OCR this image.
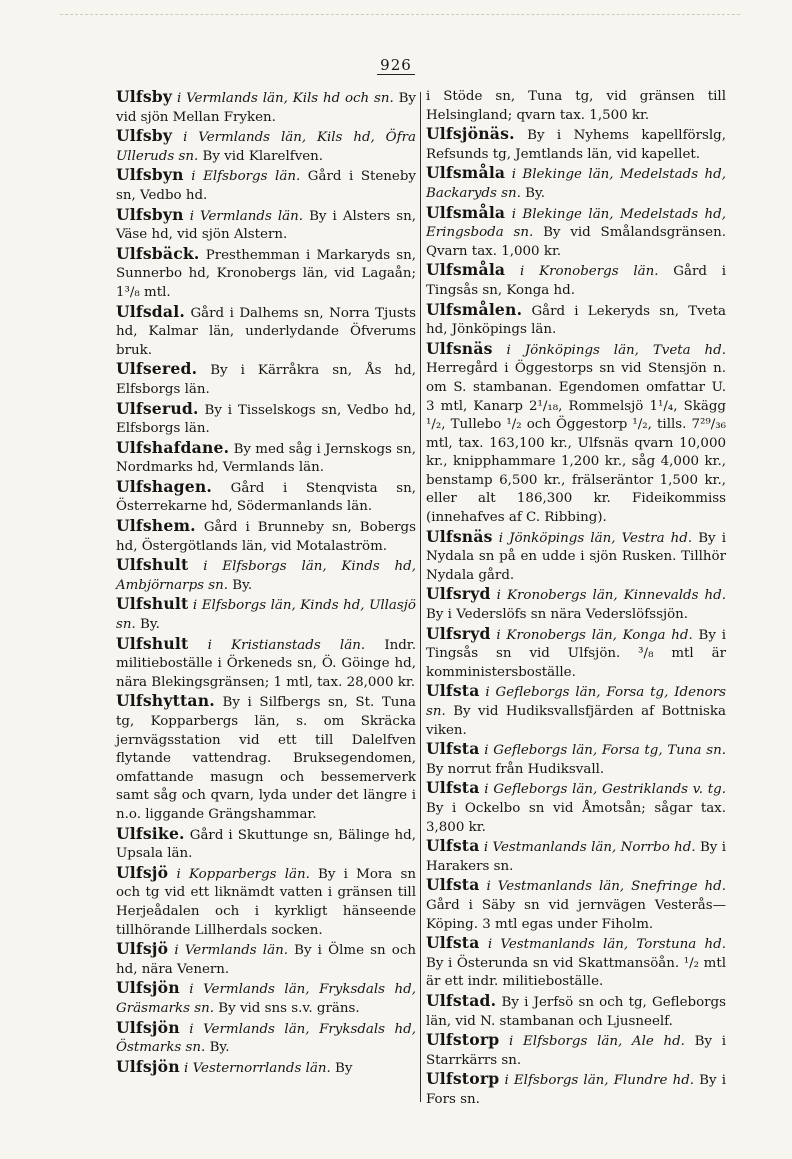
926

Ulfsby i Vermlands län, Kils hd och sn. By vid sjön Mellan Fryken.

Ulfsby i Vermlands län, Kils hd, Öfra Ulleruds sn. By vid Klarelfven.

Ulfsbyn i Elfsborgs län. Gård i Steneby sn, Vedbo hd.

Ulfsbyn i Vermlands län. By i Alsters sn, Väse hd, vid sjön Alstern.

Ulfsbäck. Presthemman i Markaryds sn, Sunnerbo hd, Kronobergs län, vid Lagaån; 1³/₈ mtl.

Ulfsdal. Gård i Dalhems sn, Norra Tjusts hd, Kalmar län, underlydande Öfverums bruk.

Ulfsered. By i Kärråkra sn, Ås hd, Elfsborgs län.

Ulfserud. By i Tisselskogs sn, Vedbo hd, Elfsborgs län.

Ulfshafdane. By med såg i Jernskogs sn, Nordmarks hd, Vermlands län.

Ulfshagen. Gård i Stenqvista sn, Österrekarne hd, Södermanlands län.

Ulfshem. Gård i Brunneby sn, Bobergs hd, Östergötlands län, vid Motalaström.

Ulfshult i Elfsborgs län, Kinds hd, Ambjörnarps sn. By.

Ulfshult i Elfsborgs län, Kinds hd, Ullasjö sn. By.

Ulfshult i Kristianstads län. Indr. militieboställe i Örkeneds sn, Ö. Göinge hd, nära Blekingsgränsen; 1 mtl, tax. 28,000 kr.

Ulfshyttan. By i Silfbergs sn, St. Tuna tg, Kopparbergs län, s. om Skräcka jernvägsstation vid ett till Dalelfven flytande vattendrag. Bruksegendomen, omfattande masugn och bessemerverk samt såg och qvarn, lyda under det längre i n.o. liggande Grängshammar.

Ulfsike. Gård i Skuttunge sn, Bälinge hd, Upsala län.

Ulfsjö i Kopparbergs län. By i Mora sn och tg vid ett liknämdt vatten i gränsen till Herjeådalen och i kyrkligt hänseende tillhörande Lillherdals socken.

Ulfsjö i Vermlands län. By i Ölme sn och hd, nära Venern.

Ulfsjön i Vermlands län, Fryksdals hd, Gräsmarks sn. By vid sns s.v. gräns.

Ulfsjön i Vermlands län, Fryksdals hd, Östmarks sn. By.

Ulfsjön i Vesternorrlands län. By

i Stöde sn, Tuna tg, vid gränsen till Helsingland; qvarn tax. 1,500 kr.

Ulfsjönäs. By i Nyhems kapellförslg, Refsunds tg, Jemtlands län, vid kapellet.

Ulfsmåla i Blekinge län, Medelstads hd, Backaryds sn. By.

Ulfsmåla i Blekinge län, Medelstads hd, Eringsboda sn. By vid Smålandsgränsen. Qvarn tax. 1,000 kr.

Ulfsmåla i Kronobergs län. Gård i Tingsås sn, Konga hd.

Ulfsmålen. Gård i Lekeryds sn, Tveta hd, Jönköpings län.

Ulfsnäs i Jönköpings län, Tveta hd. Herregård i Öggestorps sn vid Stensjön n. om S. stambanan. Egendomen omfattar U. 3 mtl, Kanarp 2¹/₁₈, Rommelsjö 1¹/₄, Skägg ¹/₂, Tullebo ¹/₂ och Öggestorp ¹/₂, tills. 7²⁹/₃₆ mtl, tax. 163,100 kr., Ulfsnäs qvarn 10,000 kr., knipphammare 1,200 kr., såg 4,000 kr., benstamp 6,500 kr., frälseräntor 1,500 kr., eller alt 186,300 kr. Fideikommiss (innehafves af C. Ribbing).

Ulfsnäs i Jönköpings län, Vestra hd. By i Nydala sn på en udde i sjön Rusken. Tillhör Nydala gård.

Ulfsryd i Kronobergs län, Kinnevalds hd. By i Vederslöfs sn nära Vederslöfssjön.

Ulfsryd i Kronobergs län, Konga hd. By i Tingsås sn vid Ulfsjön. ³/₈ mtl är komministersboställe.

Ulfsta i Gefleborgs län, Forsa tg, Idenors sn. By vid Hudiksvallsfjärden af Bottniska viken.

Ulfsta i Gefleborgs län, Forsa tg, Tuna sn. By norrut från Hudiksvall.

Ulfsta i Gefleborgs län, Gestriklands v. tg. By i Ockelbo sn vid Åmotsån; sågar tax. 3,800 kr.

Ulfsta i Vestmanlands län, Norrbo hd. By i Harakers sn.

Ulfsta i Vestmanlands län, Snefringe hd. Gård i Säby sn vid jernvägen Vesterås—Köping. 3 mtl egas under Fiholm.

Ulfsta i Vestmanlands län, Torstuna hd. By i Österunda sn vid Skattmansöån. ¹/₂ mtl är ett indr. militieboställe.

Ulfstad. By i Jerfsö sn och tg, Gefleborgs län, vid N. stambanan och Ljusneelf.

Ulfstorp i Elfsborgs län, Ale hd. By i Starrkärrs sn.

Ulfstorp i Elfsborgs län, Flundre hd. By i Fors sn.
